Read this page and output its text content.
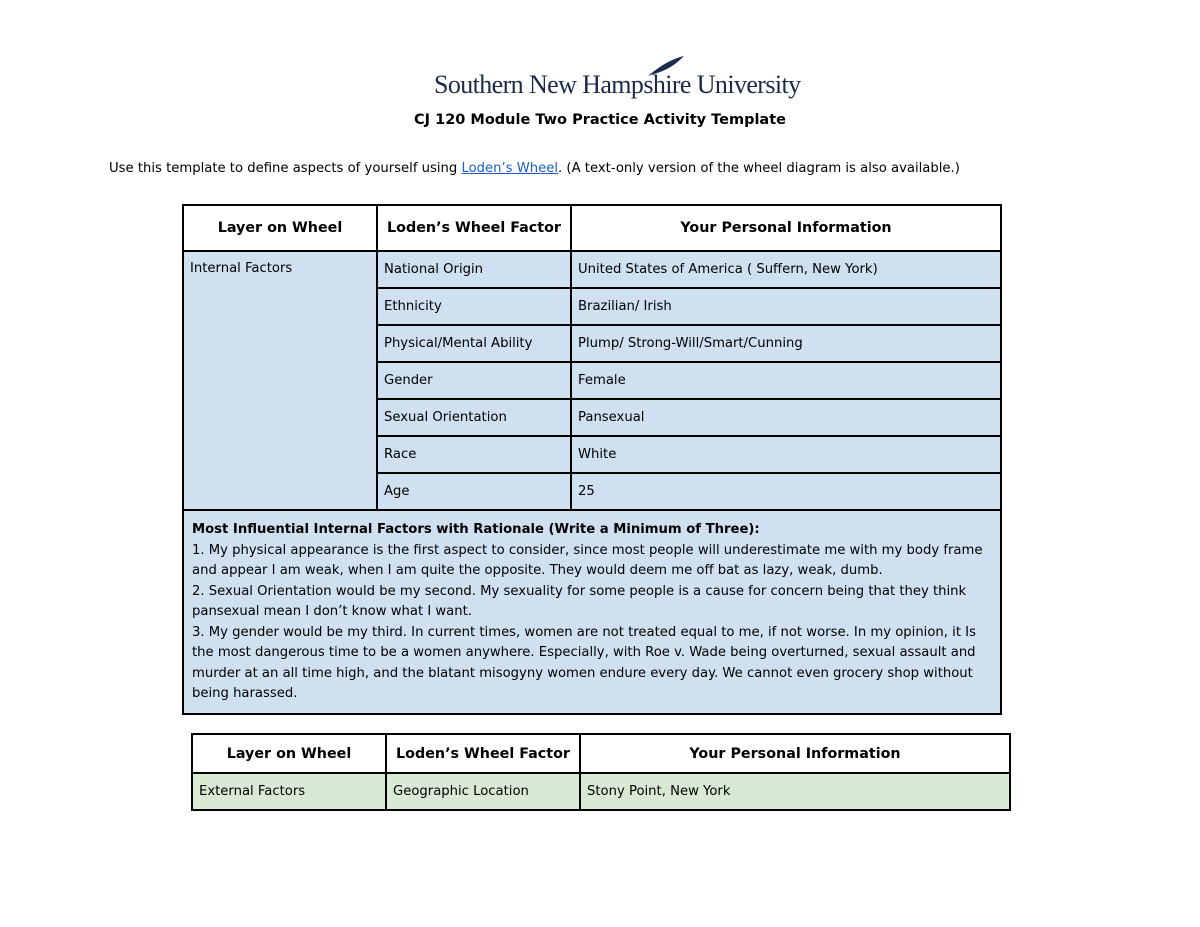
Southern New Hampshire University
CJ 120 Module Two Practice Activity Template
Use this template to define aspects of yourself using Loden’s Wheel. (A text-only version of the wheel diagram is also available.)
Layer on Wheel	Loden’s Wheel Factor	Your Personal Information
Internal Factors	National Origin	United States of America ( Suffern, New York)
	Ethnicity	Brazilian/ Irish
	Physical/Mental Ability	Plump/ Strong-Will/Smart/Cunning
	Gender	Female
	Sexual Orientation	Pansexual
	Race	White
	Age	25

Most Influential Internal Factors with Rationale (Write a Minimum of Three):
1. My physical appearance is the first aspect to consider, since most people will underestimate me with my body frame and appear I am weak, when I am quite the opposite. They would deem me off bat as lazy, weak, dumb.
2. Sexual Orientation would be my second. My sexuality for some people is a cause for concern being that they think pansexual mean I don’t know what I want.
3. My gender would be my third. In current times, women are not treated equal to me, if not worse. In my opinion, it Is the most dangerous time to be a women anywhere. Especially, with Roe v. Wade being overturned, sexual assault and murder at an all time high, and the blatant misogyny women endure every day. We cannot even grocery shop without being harassed.		
Layer on Wheel	Loden’s Wheel Factor	Your Personal Information
External Factors	Geographic Location	Stony Point, New York
